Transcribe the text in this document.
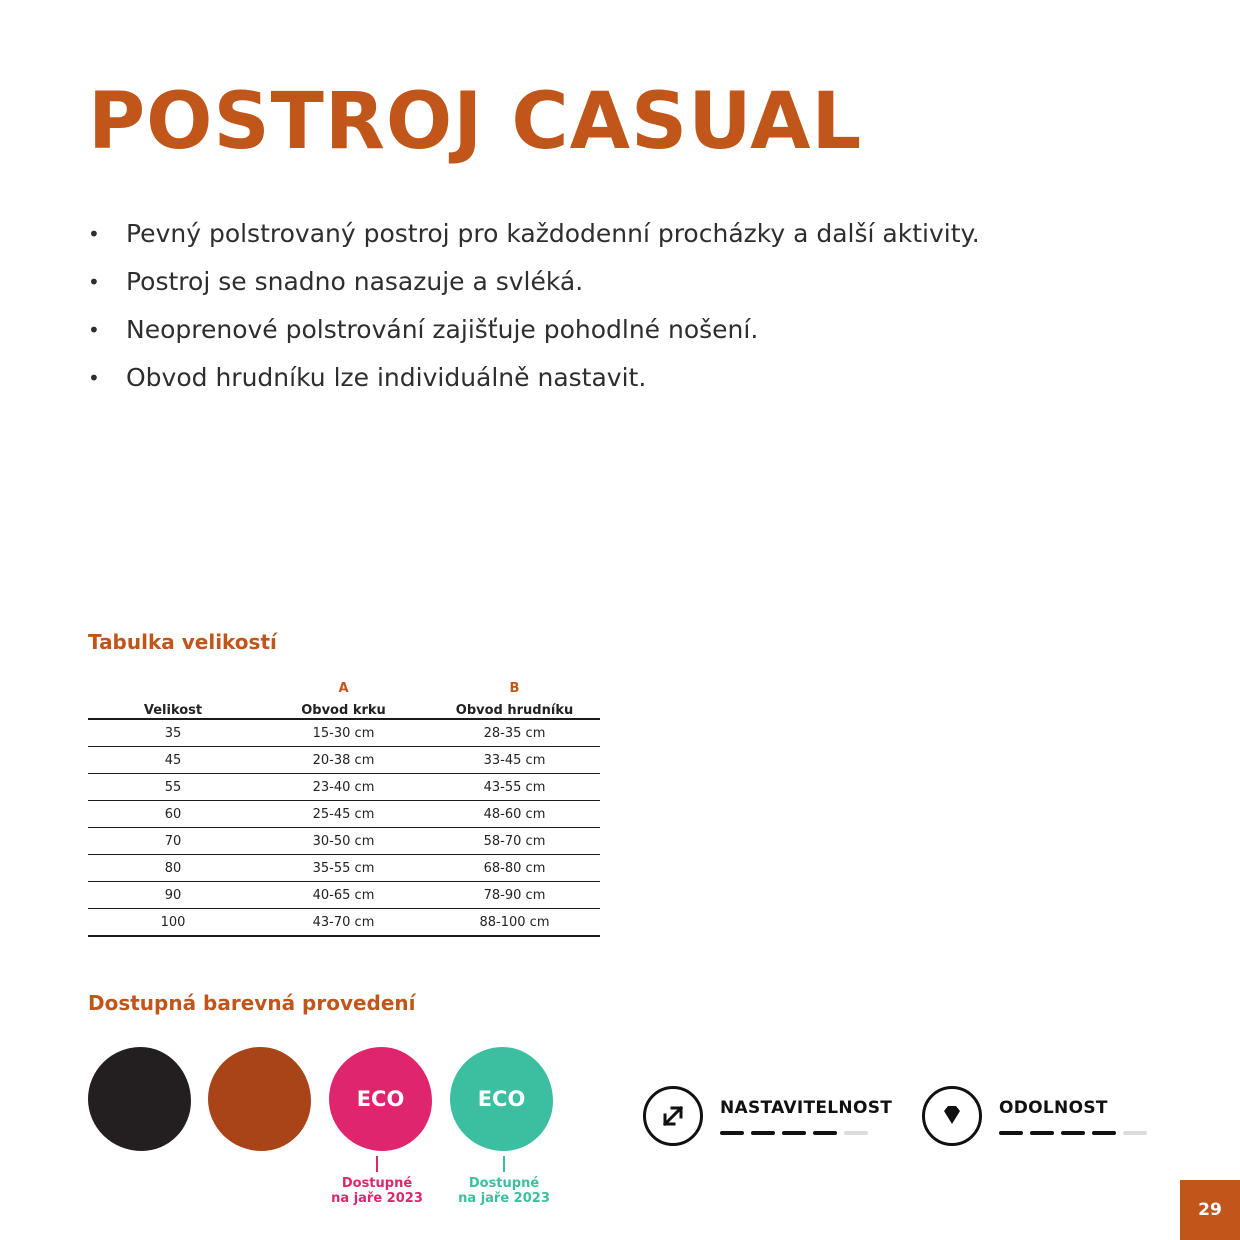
POSTROJ CASUAL
• Pevný polstrovaný postroj pro každodenní procházky a další aktivity.
• Postroj se snadno nasazuje a svléká.
• Neoprenové polstrování zajišťuje pohodlné nošení.
• Obvod hrudníku lze individuálně nastavit.
Tabulka velikostí
	A	B
Velikost	Obvod krku	Obvod hrudníku
35	15-30 cm	28-35 cm
45	20-38 cm	33-45 cm
55	23-40 cm	43-55 cm
60	25-45 cm	48-60 cm
70	30-50 cm	58-70 cm
80	35-55 cm	68-80 cm
90	40-65 cm	78-90 cm
100	43-70 cm	88-100 cm
Dostupná barevná provedení
ECO	ECO
Dostupné
na jaře 2023
Dostupné
na jaře 2023
NASTAVITELNOST	ODOLNOST
29
